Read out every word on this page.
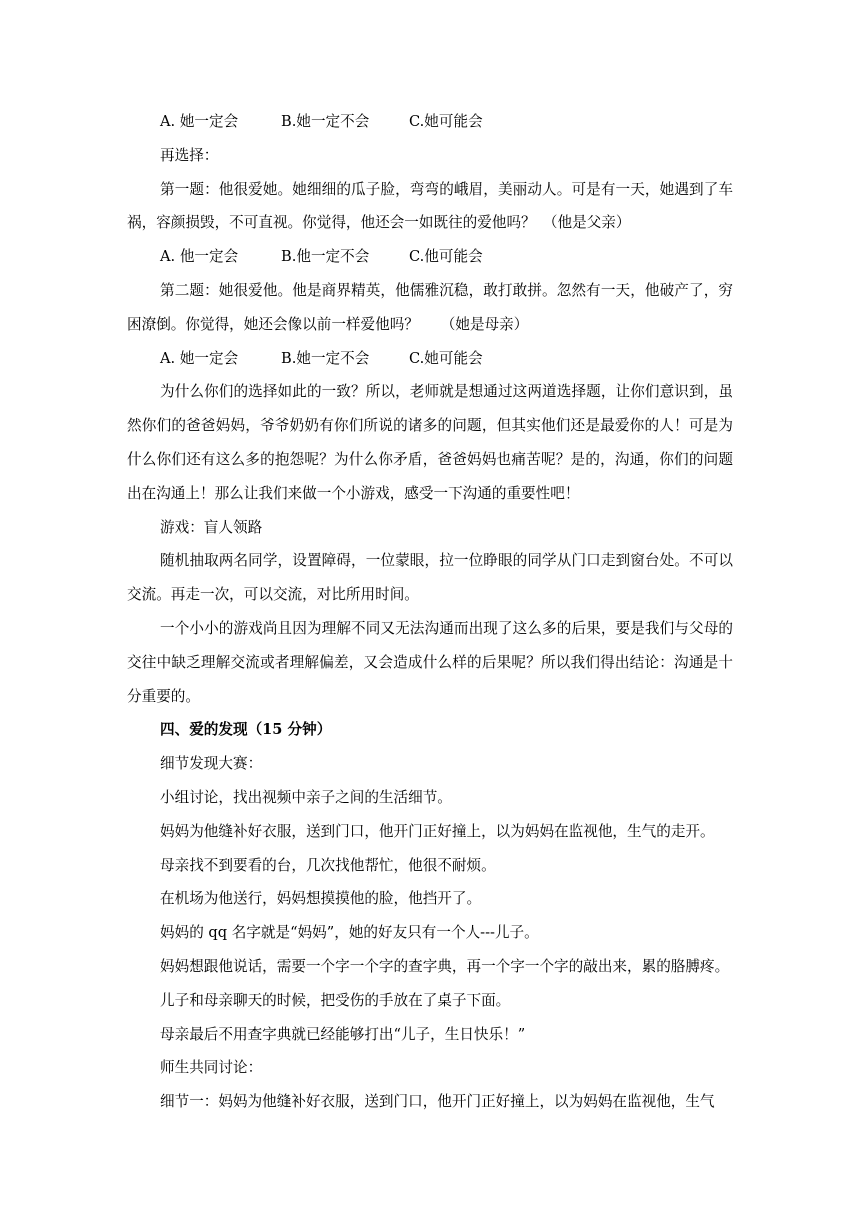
A. 她一定会	B.她一定不会	C.她可能会

再选择：

第一题：他很爱她。她细细的瓜子脸，弯弯的峨眉，美丽动人。可是有一天，她遇到了车祸，容颜损毁，不可直视。你觉得，他还会一如既往的爱他吗？　（他是父亲）

A. 他一定会	B.他一定不会	C.他可能会

第二题：她很爱他。他是商界精英，他儒雅沉稳，敢打敢拼。忽然有一天，他破产了，穷困潦倒。你觉得，她还会像以前一样爱他吗？　　（她是母亲）

A. 她一定会	B.她一定不会	C.她可能会

为什么你们的选择如此的一致？所以，老师就是想通过这两道选择题，让你们意识到，虽然你们的爸爸妈妈，爷爷奶奶有你们所说的诸多的问题，但其实他们还是最爱你的人！可是为什么你们还有这么多的抱怨呢？为什么你矛盾，爸爸妈妈也痛苦呢？是的，沟通，你们的问题出在沟通上！那么让我们来做一个小游戏，感受一下沟通的重要性吧！

游戏：盲人领路

随机抽取两名同学，设置障碍，一位蒙眼，拉一位睁眼的同学从门口走到窗台处。不可以交流。再走一次，可以交流，对比所用时间。

一个小小的游戏尚且因为理解不同又无法沟通而出现了这么多的后果，要是我们与父母的交往中缺乏理解交流或者理解偏差，又会造成什么样的后果呢？所以我们得出结论：沟通是十分重要的。

四、爱的发现（15 分钟）

细节发现大赛：

小组讨论，找出视频中亲子之间的生活细节。

妈妈为他缝补好衣服，送到门口，他开门正好撞上，以为妈妈在监视他，生气的走开。

母亲找不到要看的台，几次找他帮忙，他很不耐烦。

在机场为他送行，妈妈想摸摸他的脸，他挡开了。

妈妈的 qq 名字就是“妈妈”，她的好友只有一个人---儿子。

妈妈想跟他说话，需要一个字一个字的查字典，再一个字一个字的敲出来，累的胳膊疼。

儿子和母亲聊天的时候，把受伤的手放在了桌子下面。

母亲最后不用查字典就已经能够打出“儿子，生日快乐！”

师生共同讨论：

细节一：妈妈为他缝补好衣服，送到门口，他开门正好撞上，以为妈妈在监视他，生气
